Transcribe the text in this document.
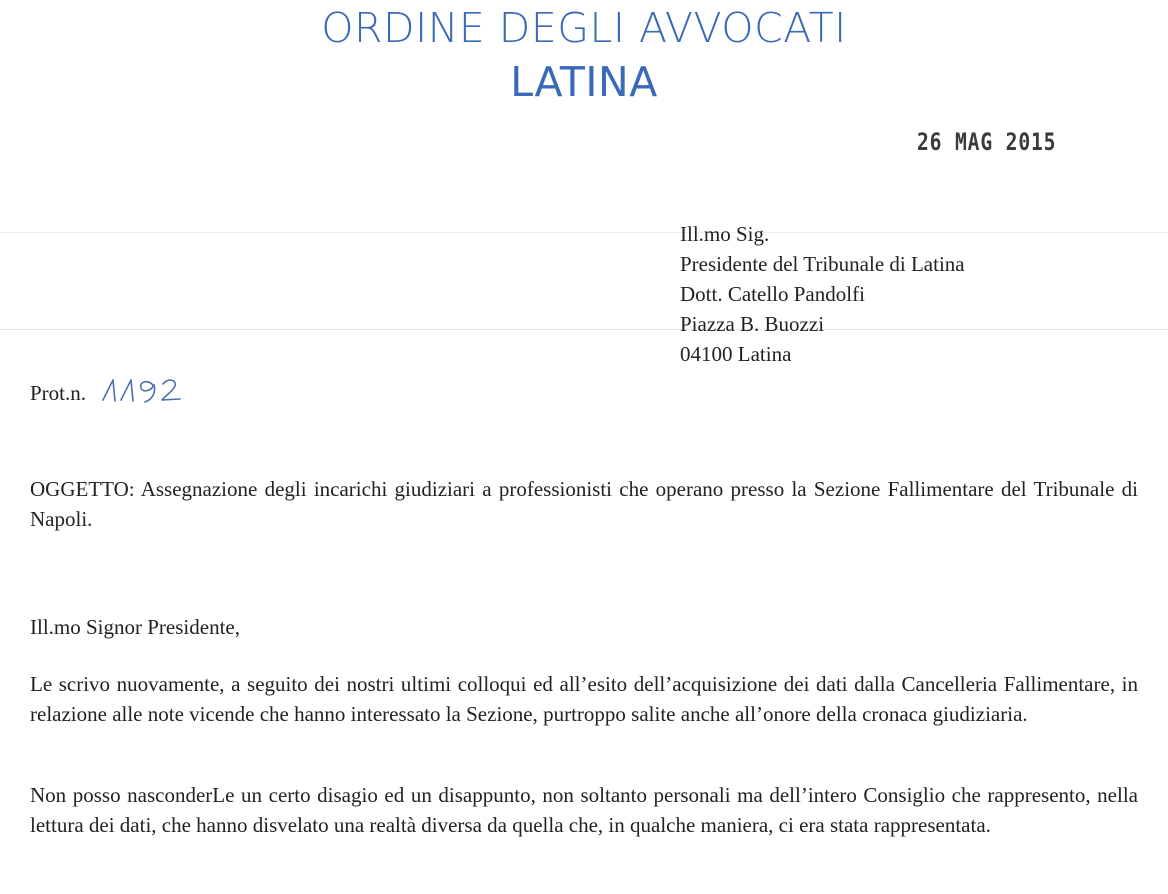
ORDINE DEGLI AVVOCATI
LATINA
26 MAG 2015
Ill.mo Sig.
Presidente del Tribunale di Latina
Dott. Catello Pandolfi
Piazza B. Buozzi
04100 Latina
Prot.n.

OGGETTO: Assegnazione degli incarichi giudiziari a professionisti che operano presso la Sezione Fallimentare del Tribunale di Napoli.

Ill.mo Signor Presidente,

Le scrivo nuovamente, a seguito dei nostri ultimi colloqui ed all’esito dell’acquisizione dei dati dalla Cancelleria Fallimentare, in relazione alle note vicende che hanno interessato la Sezione, purtroppo salite anche all’onore della cronaca giudiziaria.

Non posso nasconderLe un certo disagio ed un disappunto, non soltanto personali ma dell’intero Consiglio che rappresento, nella lettura dei dati, che hanno disvelato una realtà diversa da quella che, in qualche maniera, ci era stata rappresentata.
